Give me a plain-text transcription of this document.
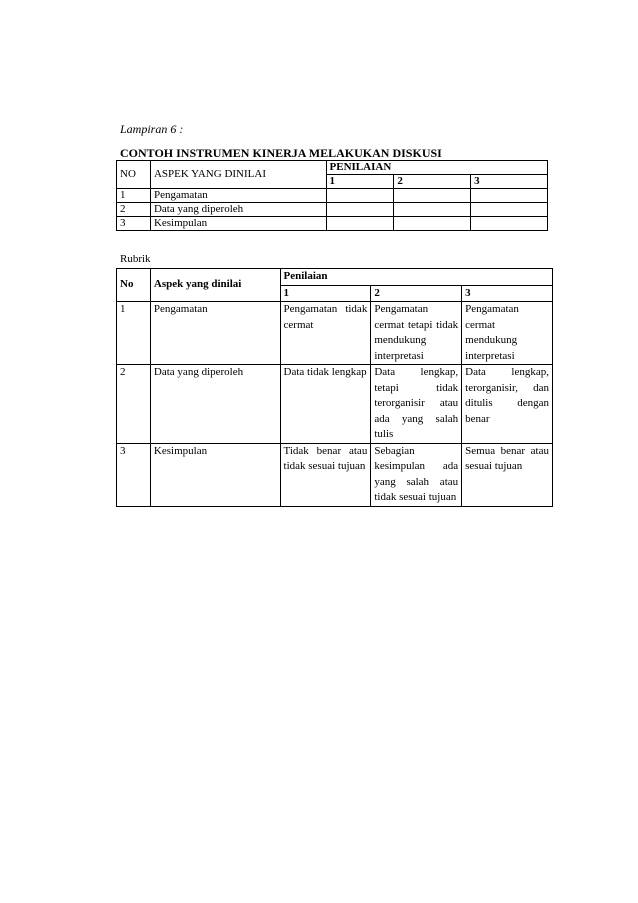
Lampiran 6 :
CONTOH INSTRUMEN KINERJA MELAKUKAN DISKUSI
NO	ASPEK YANG DINILAI	PENILAIAN		
		1	2	3
1	Pengamatan			
2	Data yang diperoleh			
3	Kesimpulan			
Rubrik
No	Aspek yang dinilai	Penilaian		
		1	2	3
1	Pengamatan	Pengamatan tidak cermat	Pengamatan cermat tetapi tidak mendukung interpretasi	Pengamatan cermat mendukung interpretasi
2	Data yang diperoleh	Data tidak lengkap	Data lengkap, tetapi tidak terorganisir atau ada yang salah tulis	Data lengkap, terorganisir, dan ditulis dengan benar
3	Kesimpulan	Tidak benar atau tidak sesuai tujuan	Sebagian kesimpulan ada yang salah atau tidak sesuai tujuan	Semua benar atau sesuai tujuan
